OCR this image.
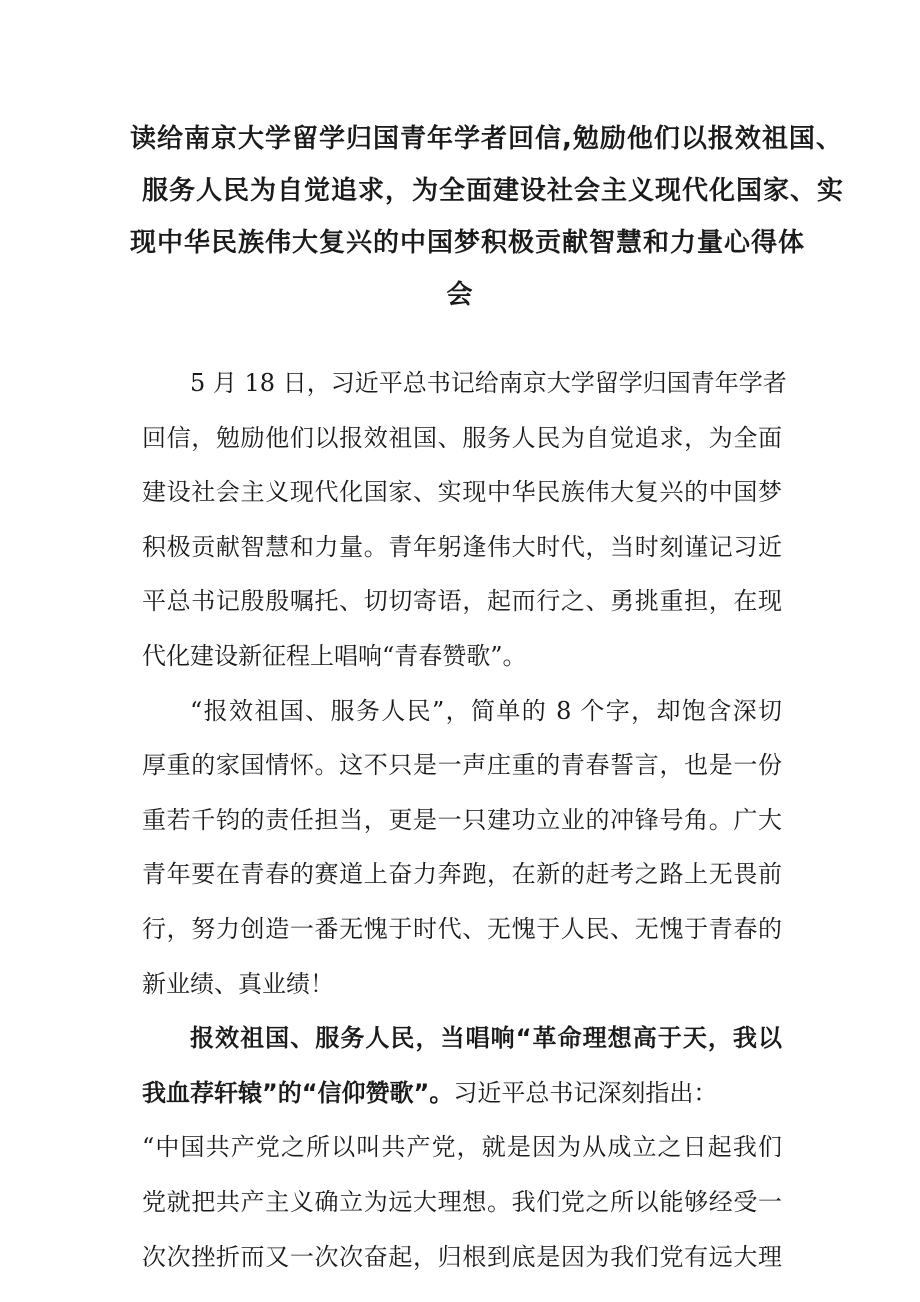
读给南京大学留学归国青年学者回信,勉励他们以报效祖国、
服务人民为自觉追求，为全面建设社会主义现代化国家、实
现中华民族伟大复兴的中国梦积极贡献智慧和力量心得体
会
5 月 18 日，习近平总书记给南京大学留学归国青年学者
回信，勉励他们以报效祖国、服务人民为自觉追求，为全面
建设社会主义现代化国家、实现中华民族伟大复兴的中国梦
积极贡献智慧和力量。青年躬逢伟大时代，当时刻谨记习近
平总书记殷殷嘱托、切切寄语，起而行之、勇挑重担，在现
代化建设新征程上唱响“青春赞歌”。
“报效祖国、服务人民”，简单的 8 个字，却饱含深切
厚重的家国情怀。这不只是一声庄重的青春誓言，也是一份
重若千钧的责任担当，更是一只建功立业的冲锋号角。广大
青年要在青春的赛道上奋力奔跑，在新的赶考之路上无畏前
行，努力创造一番无愧于时代、无愧于人民、无愧于青春的
新业绩、真业绩！
报效祖国、服务人民，当唱响“革命理想高于天，我以
我血荐轩辕”的“信仰赞歌”。习近平总书记深刻指出：
“中国共产党之所以叫共产党，就是因为从成立之日起我们
党就把共产主义确立为远大理想。我们党之所以能够经受一
次次挫折而又一次次奋起，归根到底是因为我们党有远大理
